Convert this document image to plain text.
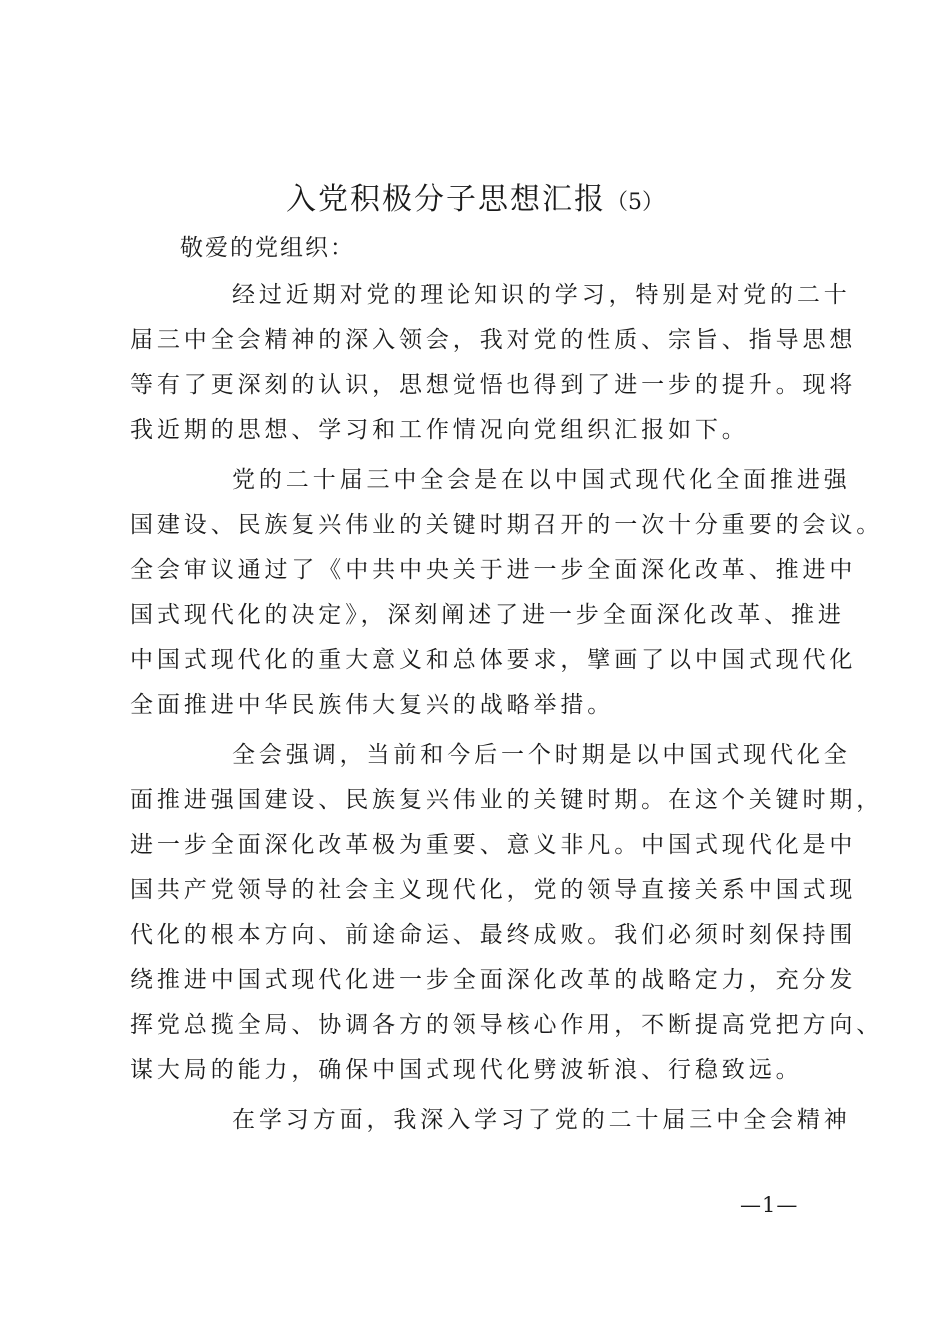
入党积极分子思想汇报（5）

敬爱的党组织：

经过近期对党的理论知识的学习，特别是对党的二十
届三中全会精神的深入领会，我对党的性质、宗旨、指导思想
等有了更深刻的认识，思想觉悟也得到了进一步的提升。现将
我近期的思想、学习和工作情况向党组织汇报如下。
党的二十届三中全会是在以中国式现代化全面推进强
国建设、民族复兴伟业的关键时期召开的一次十分重要的会议。
全会审议通过了《中共中央关于进一步全面深化改革、推进中
国式现代化的决定》，深刻阐述了进一步全面深化改革、推进
中国式现代化的重大意义和总体要求，擘画了以中国式现代化
全面推进中华民族伟大复兴的战略举措。
全会强调，当前和今后一个时期是以中国式现代化全
面推进强国建设、民族复兴伟业的关键时期。在这个关键时期，
进一步全面深化改革极为重要、意义非凡。中国式现代化是中
国共产党领导的社会主义现代化，党的领导直接关系中国式现
代化的根本方向、前途命运、最终成败。我们必须时刻保持围
绕推进中国式现代化进一步全面深化改革的战略定力，充分发
挥党总揽全局、协调各方的领导核心作用，不断提高党把方向、
谋大局的能力，确保中国式现代化劈波斩浪、行稳致远。
在学习方面，我深入学习了党的二十届三中全会精神
—1—
